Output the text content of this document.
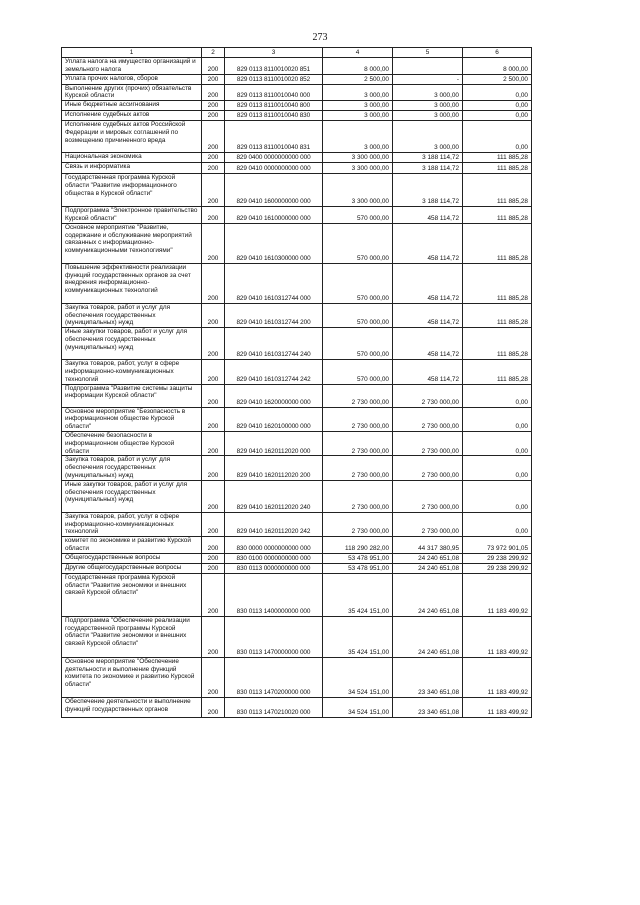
273
1	2	3	4	5	6
Уплата налога на имущество организаций и земельного налога	200	829 0113 8110010020 851	8 000,00		8 000,00
Уплата прочих налогов, сборов	200	829 0113 8110010020 852	2 500,00	-	2 500,00
Выполнение других (прочих) обязательств Курской области	200	829 0113 8110010040 000	3 000,00	3 000,00	0,00
Иные бюджетные ассигнования	200	829 0113 8110010040 800	3 000,00	3 000,00	0,00
Исполнение судебных актов	200	829 0113 8110010040 830	3 000,00	3 000,00	0,00
Исполнение судебных актов Российской Федерации и мировых соглашений по возмещению причиненного вреда	200	829 0113 8110010040 831	3 000,00	3 000,00	0,00
Национальная экономика	200	829 0400 0000000000 000	3 300 000,00	3 188 114,72	111 885,28
Связь и информатика	200	829 0410 0000000000 000	3 300 000,00	3 188 114,72	111 885,28
Государственная программа Курской области "Развитие информационного общества в Курской области"	200	829 0410 1600000000 000	3 300 000,00	3 188 114,72	111 885,28
Подпрограмма "Электронное правительство Курской области"	200	829 0410 1610000000 000	570 000,00	458 114,72	111 885,28
Основное мероприятие "Развитие, содержание и обслуживание мероприятий связанных с информационно-коммуникационными технологиями"	200	829 0410 1610300000 000	570 000,00	458 114,72	111 885,28
Повышение эффективности реализации функций государственных органов за счет внедрения информационно-коммуникационных технологий	200	829 0410 1610312744 000	570 000,00	458 114,72	111 885,28
Закупка товаров, работ и услуг для обеспечения государственных (муниципальных) нужд	200	829 0410 1610312744 200	570 000,00	458 114,72	111 885,28
Иные закупки товаров, работ и услуг для обеспечения государственных (муниципальных) нужд	200	829 0410 1610312744 240	570 000,00	458 114,72	111 885,28
Закупка товаров, работ, услуг в сфере информационно-коммуникационных технологий	200	829 0410 1610312744 242	570 000,00	458 114,72	111 885,28
Подпрограмма "Развитие системы защиты информации Курской области"	200	829 0410 1620000000 000	2 730 000,00	2 730 000,00	0,00
Основное мероприятие "Безопасность в информационном обществе Курской области"	200	829 0410 1620100000 000	2 730 000,00	2 730 000,00	0,00
Обеспечение безопасности в информационном обществе Курской области	200	829 0410 1620112020 000	2 730 000,00	2 730 000,00	0,00
Закупка товаров, работ и услуг для обеспечения государственных (муниципальных) нужд	200	829 0410 1620112020 200	2 730 000,00	2 730 000,00	0,00
Иные закупки товаров, работ и услуг для обеспечения государственных (муниципальных) нужд	200	829 0410 1620112020 240	2 730 000,00	2 730 000,00	0,00
Закупка товаров, работ, услуг в сфере информационно-коммуникационных технологий	200	829 0410 1620112020 242	2 730 000,00	2 730 000,00	0,00
комитет по экономике и развитию Курской области	200	830 0000 0000000000 000	118 290 282,00	44 317 380,95	73 972 901,05
Общегосударственные вопросы	200	830 0100 0000000000 000	53 478 951,00	24 240 651,08	29 238 299,92
Другие общегосударственные вопросы	200	830 0113 0000000000 000	53 478 951,00	24 240 651,08	29 238 299,92
Государственная программа Курской области "Развитие экономики и внешних связей Курской области"	200	830 0113 1400000000 000	35 424 151,00	24 240 651,08	11 183 499,92
Подпрограмма "Обеспечение реализации государственной программы Курской области "Развитие экономики и внешних связей Курской области"	200	830 0113 1470000000 000	35 424 151,00	24 240 651,08	11 183 499,92
Основное мероприятие "Обеспечение деятельности и выполнение функций комитета по экономике и развитию Курской области"	200	830 0113 1470200000 000	34 524 151,00	23 340 651,08	11 183 499,92
Обеспечение деятельности и выполнение функций государственных органов	200	830 0113 1470210020 000	34 524 151,00	23 340 651,08	11 183 499,92
